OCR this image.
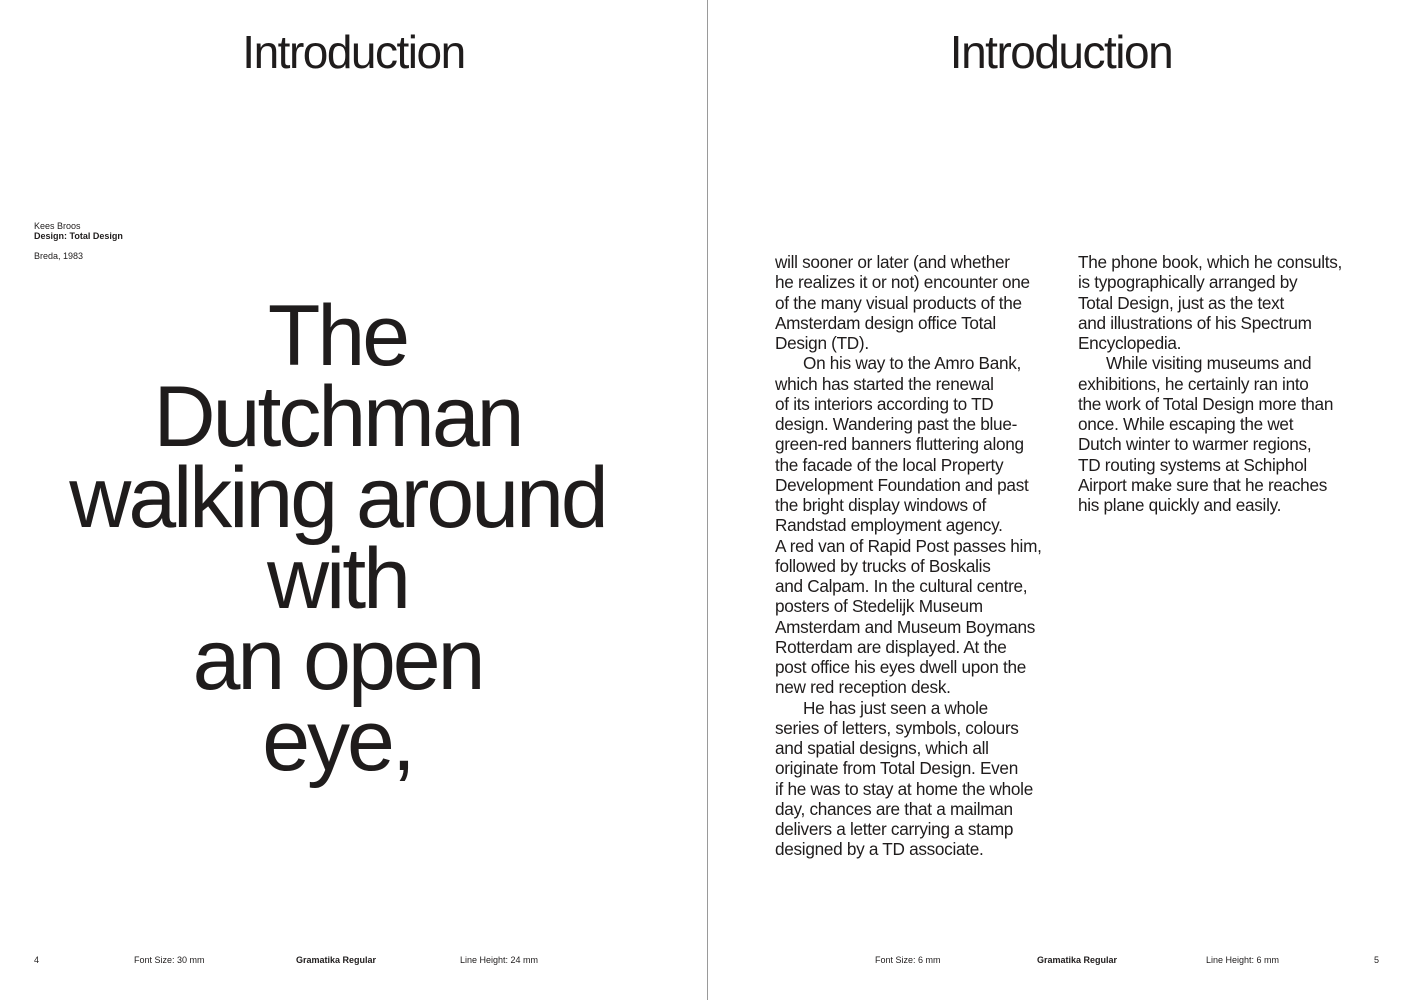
Introduction
Kees Broos
Design: Total Design
Breda, 1983
The
Dutchman
walking around
with
an open
eye,
4	Font Size: 30 mm	Gramatika Regular	Line Height: 24 mm
Introduction
will sooner or later (and whether
he realizes it or not) encounter one
of the many visual products of the
Amsterdam design office Total
Design (TD).
On his way to the Amro Bank,
which has started the renewal
of its interiors according to TD
design. Wandering past the blue-
green-red banners fluttering along
the facade of the local Property
Development Foundation and past
the bright display windows of
Randstad employment agency.
A red van of Rapid Post passes him,
followed by trucks of Boskalis
and Calpam. In the cultural centre,
posters of Stedelijk Museum
Amsterdam and Museum Boymans
Rotterdam are displayed. At the
post office his eyes dwell upon the
new red reception desk.
He has just seen a whole
series of letters, symbols, colours
and spatial designs, which all
originate from Total Design. Even
if he was to stay at home the whole
day, chances are that a mailman
delivers a letter carrying a stamp
designed by a TD associate.
The phone book, which he consults,
is typographically arranged by
Total Design, just as the text
and illustrations of his Spectrum
Encyclopedia.
While visiting museums and
exhibitions, he certainly ran into
the work of Total Design more than
once. While escaping the wet
Dutch winter to warmer regions,
TD routing systems at Schiphol
Airport make sure that he reaches
his plane quickly and easily.
Font Size: 6 mm	Gramatika Regular	Line Height: 6 mm	5
